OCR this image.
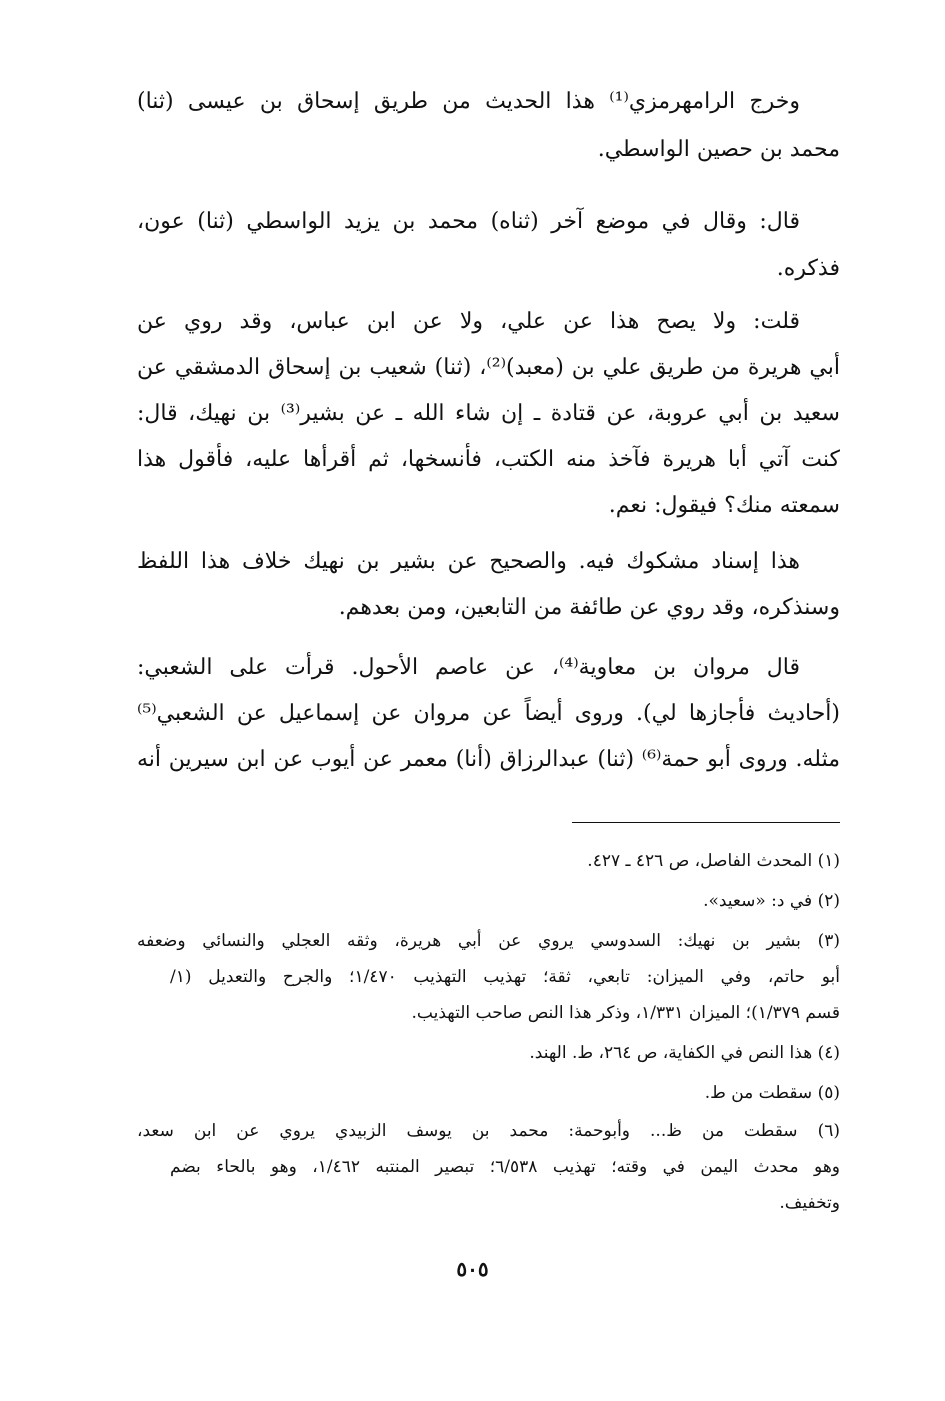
وخرج الرامهرمزي⁽¹⁾ هذا الحديث من طريق إسحاق بن عيسى (ثنا)
محمد بن حصين الواسطي.
قال: وقال في موضع آخر (ثناه) محمد بن يزيد الواسطي (ثنا) عون،
فذكره.
قلت: ولا يصح هذا عن علي، ولا عن ابن عباس، وقد روي عن
أبي هريرة من طريق علي بن (معبد)⁽²⁾، (ثنا) شعيب بن إسحاق الدمشقي عن
سعيد بن أبي عروبة، عن قتادة ـ إن شاء الله ـ عن بشير⁽³⁾ بن نهيك، قال:
كنت آتي أبا هريرة فآخذ منه الكتب، فأنسخها، ثم أقرأها عليه، فأقول هذا
سمعته منك؟ فيقول: نعم.
هذا إسناد مشكوك فيه. والصحيح عن بشير بن نهيك خلاف هذا اللفظ
وسنذكره، وقد روي عن طائفة من التابعين، ومن بعدهم.
قال مروان بن معاوية⁽⁴⁾، عن عاصم الأحول. قرأت على الشعبي:
(أحاديث فأجازها لي). وروى أيضاً عن مروان عن إسماعيل عن الشعبي⁽⁵⁾
مثله. وروى أبو حمة⁽⁶⁾ (ثنا) عبدالرزاق (أنا) معمر عن أيوب عن ابن سيرين أنه
(١) المحدث الفاصل، ص ٤٢٦ ـ ٤٢٧.
(٢) في د: «سعيد».
(٣) بشير بن نهيك: السدوسي يروي عن أبي هريرة، وثقه العجلي والنسائي وضعفه
أبو حاتم، وفي الميزان: تابعي، ثقة؛ تهذيب التهذيب ١/٤٧٠؛ والجرح والتعديل (١/
قسم ١/٣٧٩)؛ الميزان ١/٣٣١، وذكر هذا النص صاحب التهذيب.
(٤) هذا النص في الكفاية، ص ٢٦٤، ط. الهند.
(٥) سقطت من ط.
(٦) سقطت من ظ... وأبوحمة: محمد بن يوسف الزبيدي يروي عن ابن سعد،
وهو محدث اليمن في وقته؛ تهذيب ٦/٥٣٨؛ تبصير المنتبه ١/٤٦٢، وهو بالحاء بضم
وتخفيف.
٥٠٥
